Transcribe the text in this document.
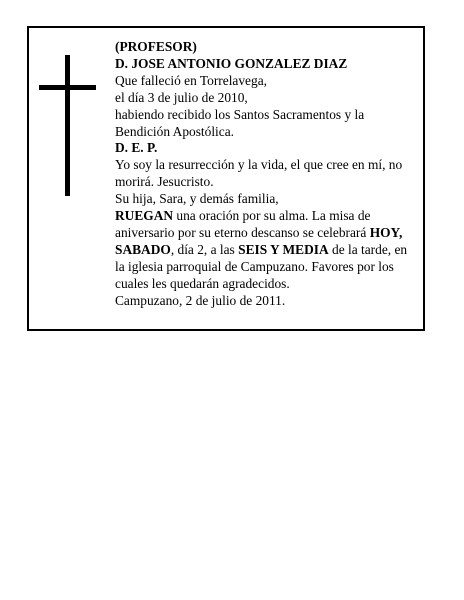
(PROFESOR)
D. JOSE ANTONIO GONZALEZ DIAZ
Que falleció en Torrelavega,
el día 3 de julio de 2010,
habiendo recibido los Santos Sacramentos y la Bendición Apostólica.
D. E. P.
Yo soy la resurrección y la vida, el que cree en mí, no morirá. Jesucristo.
Su hija, Sara, y demás familia,
RUEGAN una oración por su alma. La misa de aniversario por su eterno descanso se celebrará HOY, SABADO, día 2, a las SEIS Y MEDIA de la tarde, en la iglesia parroquial de Campuzano. Favores por los cuales les quedarán agradecidos.
Campuzano, 2 de julio de 2011.
